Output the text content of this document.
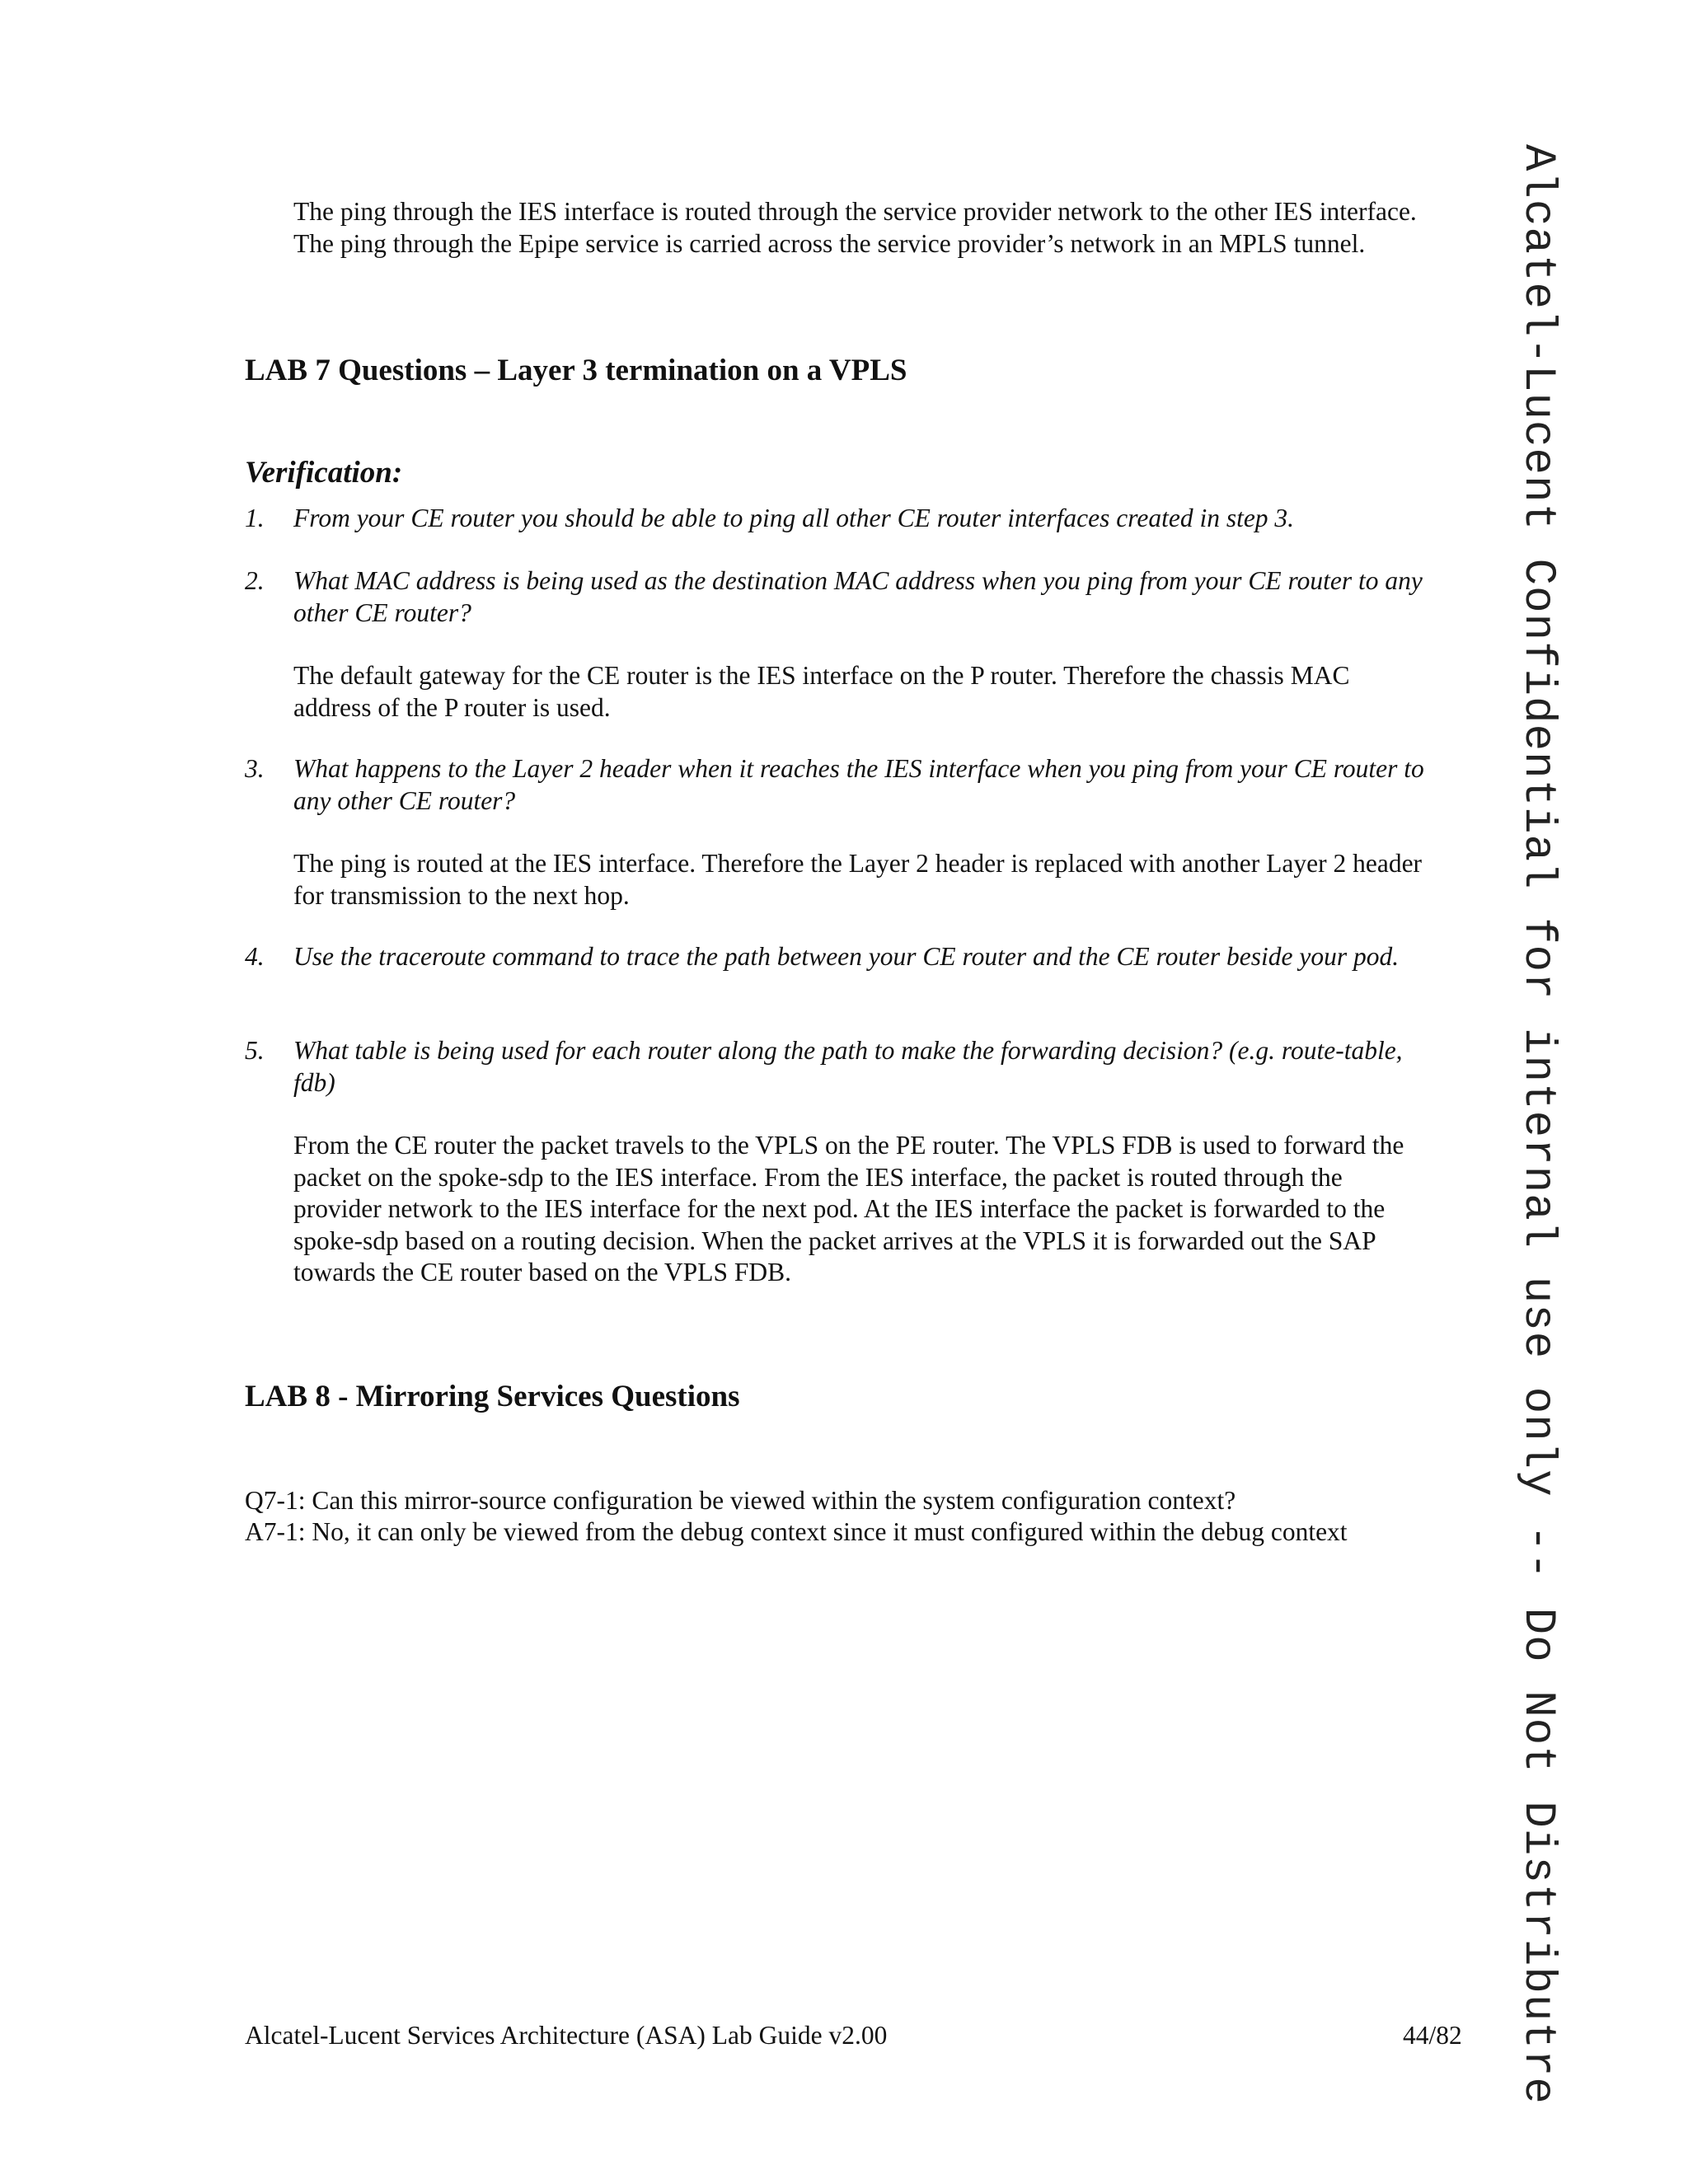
The ping through the IES interface is routed through the service provider network to the other IES interface. The ping through the Epipe service is carried across the service provider’s network in an MPLS tunnel.

LAB 7 Questions – Layer 3 termination on a VPLS
Verification:
1. From your CE router you should be able to ping all other CE router interfaces created in step 3.

2. What MAC address is being used as the destination MAC address when you ping from your CE router to any other CE router?

The default gateway for the CE router is the IES interface on the P router. Therefore the chassis MAC address of the P router is used.

3. What happens to the Layer 2 header when it reaches the IES interface when you ping from your CE router to any other CE router?

The ping is routed at the IES interface. Therefore the Layer 2 header is replaced with another Layer 2 header for transmission to the next hop.

4. Use the traceroute command to trace the path between your CE router and the CE router beside your pod.

5. What table is being used for each router along the path to make the forwarding decision? (e.g. route-table, fdb)

From the CE router the packet travels to the VPLS on the PE router. The VPLS FDB is used to forward the packet on the spoke-sdp to the IES interface. From the IES interface, the packet is routed through the provider network to the IES interface for the next pod. At the IES interface the packet is forwarded to the spoke-sdp based on a routing decision. When the packet arrives at the VPLS it is forwarded out the SAP towards the CE router based on the VPLS FDB.

LAB 8 - Mirroring Services Questions
Q7-1: Can this mirror-source configuration be viewed within the system configuration context?
A7-1: No, it can only be viewed from the debug context since it must configured within the debug context
Alcatel-Lucent Services Architecture (ASA) Lab Guide v2.00	44/82 Alcatel-Lucent Confidential for internal use only -- Do Not Distributre
